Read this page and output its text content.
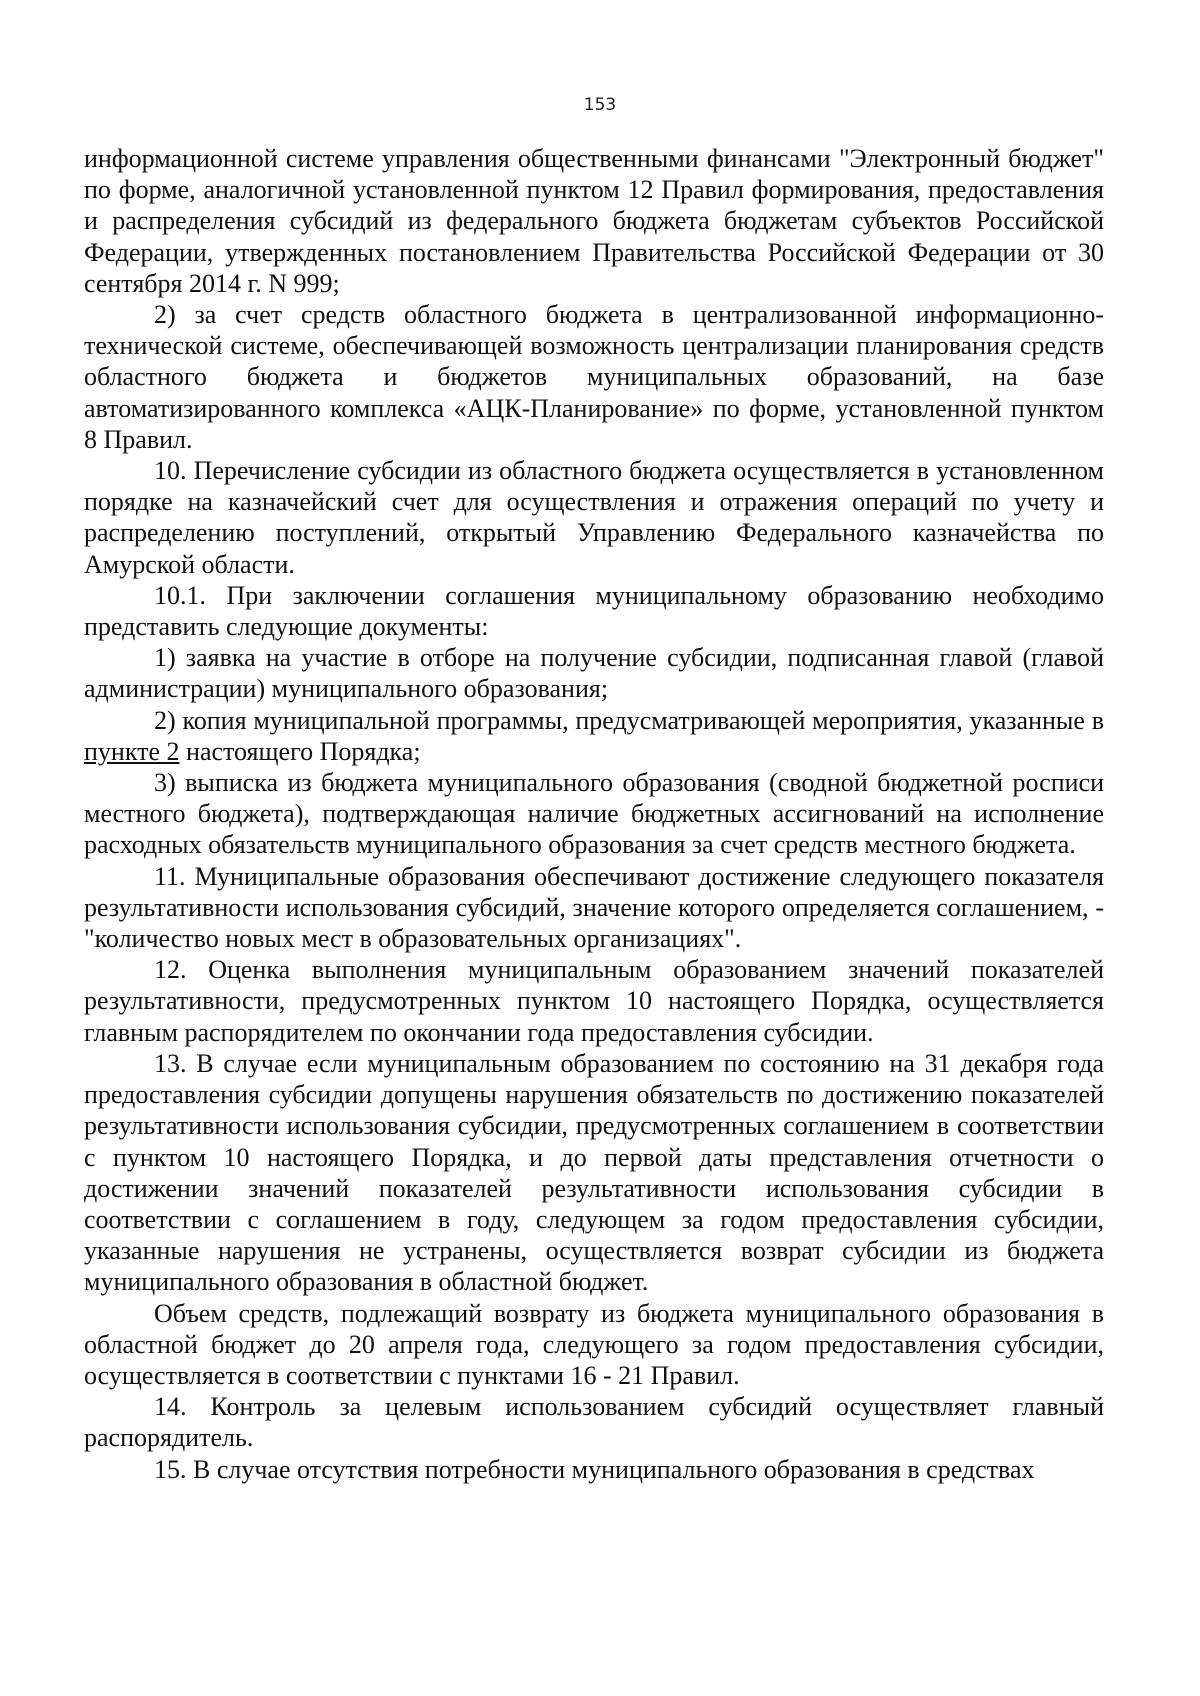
153

информационной системе управления общественными финансами "Электронный бюджет" по форме, аналогичной установленной пунктом 12 Правил формирования, предоставления и распределения субсидий из федерального бюджета бюджетам субъектов Российской Федерации, утвержденных постановлением Правительства Российской Федерации от 30 сентября 2014 г. N 999;

2) за счет средств областного бюджета в централизованной информационно-технической системе, обеспечивающей возможность централизации планирования средств областного бюджета и бюджетов муниципальных образований, на базе автоматизированного комплекса «АЦК-Планирование» по форме, установленной пунктом 8 Правил.

10. Перечисление субсидии из областного бюджета осуществляется в установленном порядке на казначейский счет для осуществления и отражения операций по учету и распределению поступлений, открытый Управлению Федерального казначейства по Амурской области.

10.1. При заключении соглашения муниципальному образованию необходимо представить следующие документы:

1) заявка на участие в отборе на получение субсидии, подписанная главой (главой администрации) муниципального образования;

2) копия муниципальной программы, предусматривающей мероприятия, указанные в пункте 2 настоящего Порядка;

3) выписка из бюджета муниципального образования (сводной бюджетной росписи местного бюджета), подтверждающая наличие бюджетных ассигнований на исполнение расходных обязательств муниципального образования за счет средств местного бюджета.

11. Муниципальные образования обеспечивают достижение следующего показателя результативности использования субсидий, значение которого определяется соглашением, - "количество новых мест в образовательных организациях".

12. Оценка выполнения муниципальным образованием значений показателей результативности, предусмотренных пунктом 10 настоящего Порядка, осуществляется главным распорядителем по окончании года предоставления субсидии.

13. В случае если муниципальным образованием по состоянию на 31 декабря года предоставления субсидии допущены нарушения обязательств по достижению показателей результативности использования субсидии, предусмотренных соглашением в соответствии с пунктом 10 настоящего Порядка, и до первой даты представления отчетности о достижении значений показателей результативности использования субсидии в соответствии с соглашением в году, следующем за годом предоставления субсидии, указанные нарушения не устранены, осуществляется возврат субсидии из бюджета муниципального образования в областной бюджет.

Объем средств, подлежащий возврату из бюджета муниципального образования в областной бюджет до 20 апреля года, следующего за годом предоставления субсидии, осуществляется в соответствии с пунктами 16 - 21 Правил.

14. Контроль за целевым использованием субсидий осуществляет главный распорядитель.

15. В случае отсутствия потребности муниципального образования в средствах
